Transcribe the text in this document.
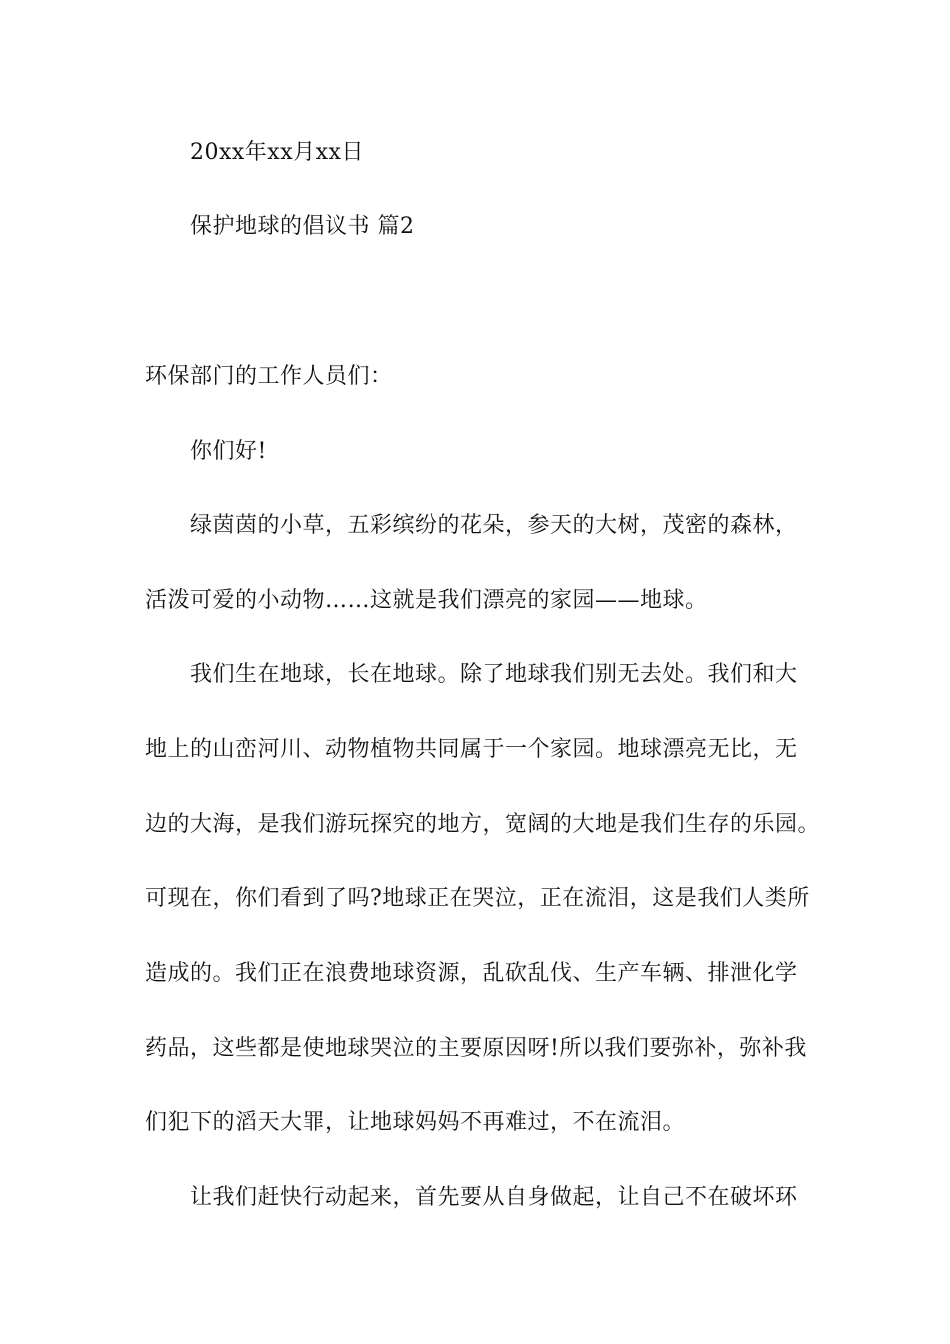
20xx年xx月xx日
保护地球的倡议书 篇2
环保部门的工作人员们：
你们好!
绿茵茵的小草，五彩缤纷的花朵，参天的大树，茂密的森林，
活泼可爱的小动物……这就是我们漂亮的家园——地球。
我们生在地球，长在地球。除了地球我们别无去处。我们和大
地上的山峦河川、动物植物共同属于一个家园。地球漂亮无比，无
边的大海，是我们游玩探究的地方，宽阔的大地是我们生存的乐园。
可现在，你们看到了吗?地球正在哭泣，正在流泪，这是我们人类所
造成的。我们正在浪费地球资源，乱砍乱伐、生产车辆、排泄化学
药品，这些都是使地球哭泣的主要原因呀!所以我们要弥补，弥补我
们犯下的滔天大罪，让地球妈妈不再难过，不在流泪。
让我们赶快行动起来，首先要从自身做起，让自己不在破坏环
